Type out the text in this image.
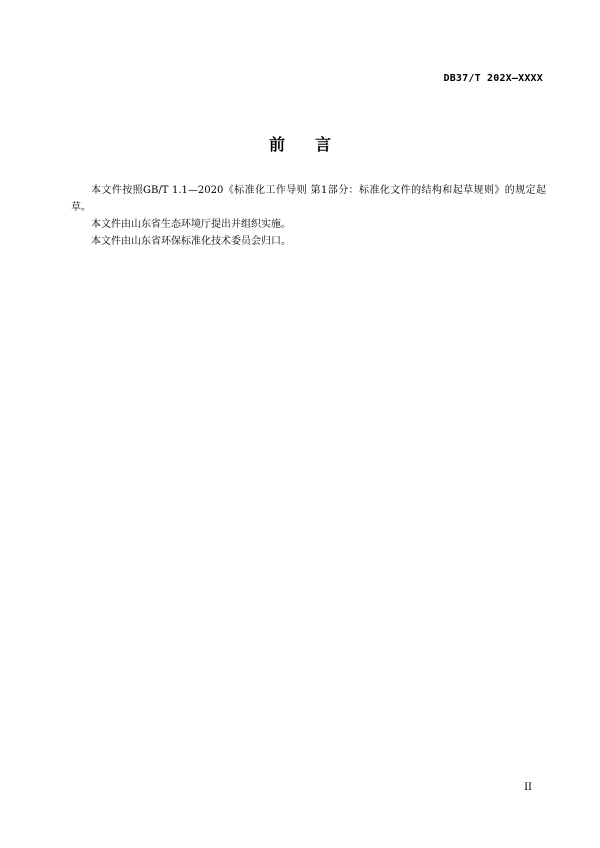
DB37/T 202X—XXXX
前言

本文件按照GB/T 1.1—2020《标准化工作导则 第1部分：标准化文件的结构和起草规则》的规定起草。

本文件由山东省生态环境厅提出并组织实施。

本文件由山东省环保标准化技术委员会归口。

II
